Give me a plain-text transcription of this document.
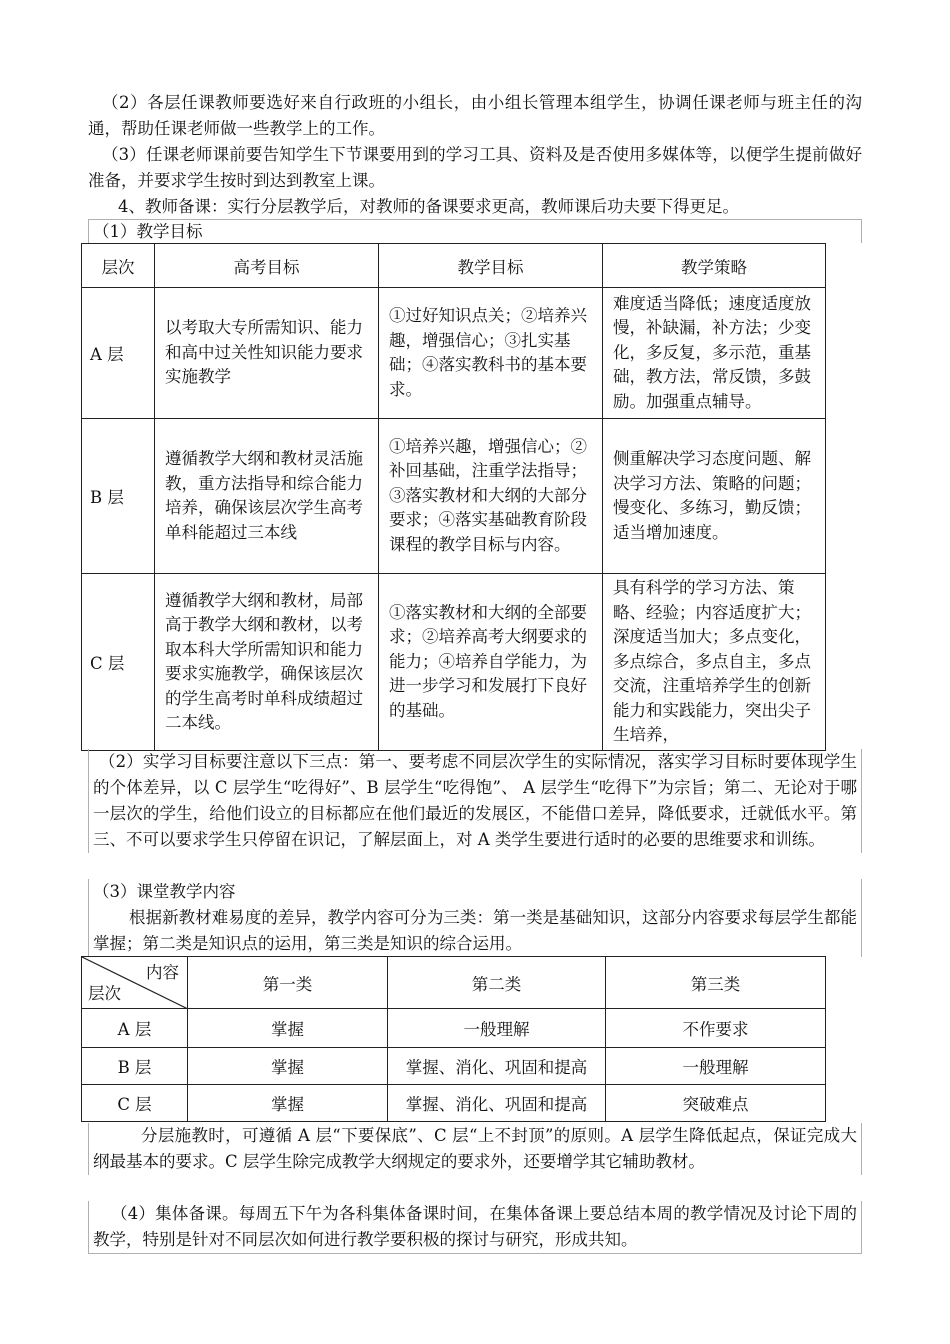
（2）各层任课教师要选好来自行政班的小组长，由小组长管理本组学生，协调任课老师与班主任的沟通，帮助任课老师做一些教学上的工作。

（3）任课老师课前要告知学生下节课要用到的学习工具、资料及是否使用多媒体等，以便学生提前做好准备，并要求学生按时到达到教室上课。

4、教师备课：实行分层教学后，对教师的备课要求更高，教师课后功夫要下得更足。

（1）教学目标

层次	高考目标	教学目标	教学策略
A 层	以考取大专所需知识、能力和高中过关性知识能力要求实施教学	①过好知识点关；②培养兴趣，增强信心；③扎实基础；④落实教科书的基本要求。	难度适当降低；速度适度放慢，补缺漏，补方法；少变化，多反复，多示范，重基础，教方法，常反馈，多鼓励。加强重点辅导。
B 层	遵循教学大纲和教材灵活施教，重方法指导和综合能力培养，确保该层次学生高考单科能超过三本线	①培养兴趣，增强信心；②补回基础，注重学法指导；③落实教材和大纲的大部分要求；④落实基础教育阶段课程的教学目标与内容。	侧重解决学习态度问题、解决学习方法、策略的问题；慢变化、多练习，勤反馈；适当增加速度。
C 层	遵循教学大纲和教材，局部高于教学大纲和教材，以考取本科大学所需知识和能力要求实施教学，确保该层次的学生高考时单科成绩超过二本线。	①落实教材和大纲的全部要求；②培养高考大纲要求的能力；④培养自学能力，为进一步学习和发展打下良好的基础。	具有科学的学习方法、策略、经验；内容适度扩大；深度适当加大；多点变化，多点综合，多点自主，多点交流，注重培养学生的创新能力和实践能力，突出尖子生培养，

（2）实学习目标要注意以下三点：第一、要考虑不同层次学生的实际情况，落实学习目标时要体现学生的个体差异，以 C 层学生“吃得好”、B 层学生“吃得饱”、 A 层学生“吃得下”为宗旨；第二、无论对于哪一层次的学生，给他们设立的目标都应在他们最近的发展区，不能借口差异，降低要求，迁就低水平。第三、不可以要求学生只停留在识记，了解层面上，对 A 类学生要进行适时的必要的思维要求和训练。

（3）课堂教学内容

根据新教材难易度的差异，教学内容可分为三类：第一类是基础知识，这部分内容要求每层学生都能掌握；第二类是知识点的运用，第三类是知识的综合运用。

内容
层次	第一类	第二类	第三类
A 层	掌握	一般理解	不作要求
B 层	掌握	掌握、消化、巩固和提高	一般理解
C 层	掌握	掌握、消化、巩固和提高	突破难点

分层施教时，可遵循 A 层“下要保底”、C 层“上不封顶”的原则。A 层学生降低起点，保证完成大纲最基本的要求。C 层学生除完成教学大纲规定的要求外，还要增学其它辅助教材。

（4）集体备课。每周五下午为各科集体备课时间，在集体备课上要总结本周的教学情况及讨论下周的教学，特别是针对不同层次如何进行教学要积极的探讨与研究，形成共知。
